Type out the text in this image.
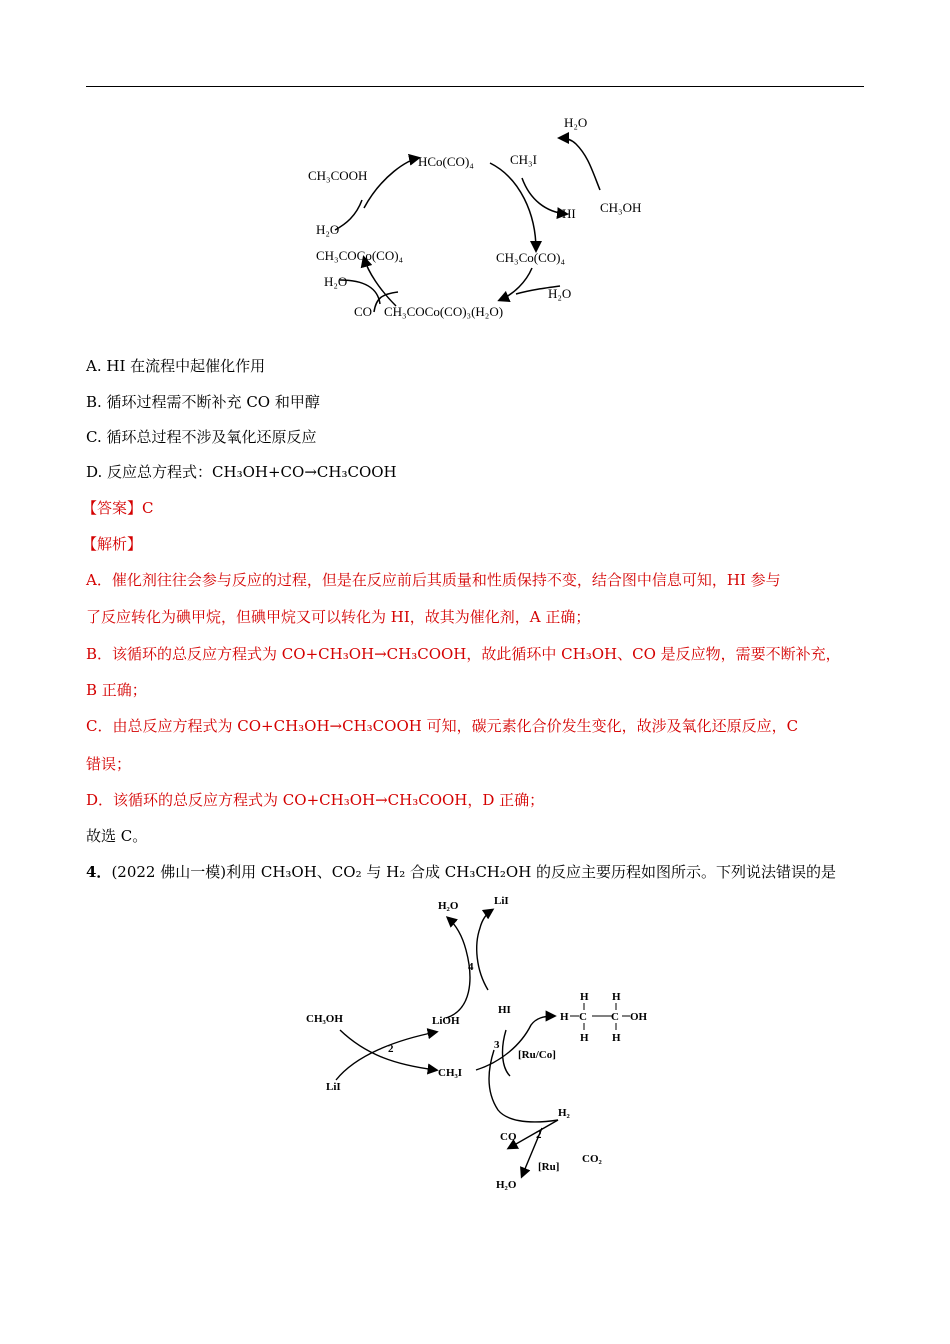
H₂O
CH₃I
HCo(CO)₄
CH₃COOH
CH₃OH
HI
H₂O
CH₃COCo(CO)₄	CH₃Co(CO)₄
H₂O
H₂O
CO CH₃COCo(CO)₃(H₂O)
A. HI 在流程中起催化作用
B. 循环过程需不断补充 CO 和甲醇
C. 循环总过程不涉及氧化还原反应
D. 反应总方程式：CH₃OH+CO→CH₃COOH
【答案】C
【解析】
A．催化剂往往会参与反应的过程，但是在反应前后其质量和性质保持不变，结合图中信息可知，HI 参与
了反应转化为碘甲烷，但碘甲烷又可以转化为 HI，故其为催化剂，A 正确；
B．该循环的总反应方程式为 CO+CH₃OH→CH₃COOH，故此循环中 CH₃OH、CO 是反应物，需要不断补充，
B 正确；
C．由总反应方程式为 CO+CH₃OH→CH₃COOH 可知，碳元素化合价发生变化，故涉及氧化还原反应，C
错误；
D．该循环的总反应方程式为 CO+CH₃OH→CH₃COOH，D 正确；
故选 C。
4．(2022 佛山一模)利用 CH₃OH、CO₂ 与 H₂ 合成 CH₃CH₂OH 的反应主要历程如图所示。下列说法错误的是
H₂O	LiI
4
CH₃OH	LiOH
HI
2	3
LiI
CH₃I
[Ru/Co]
H₂
CO 2
[Ru]
CO₂
H₂O
H C C OH
H H
H H
